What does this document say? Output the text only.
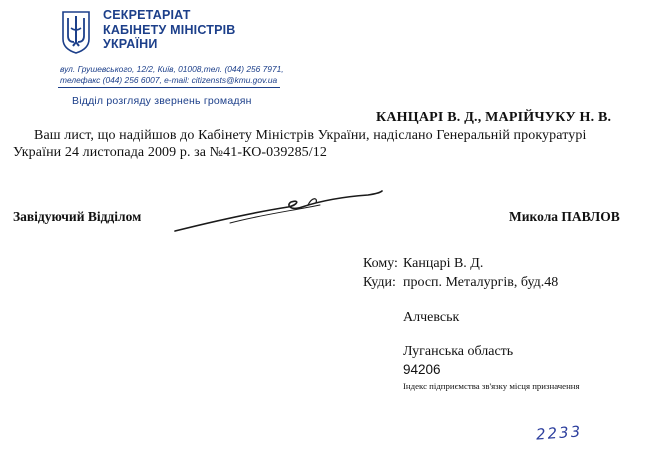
СЕКРЕТАРІАТ
КАБІНЕТУ МІНІСТРІВ
УКРАЇНИ
вул. Грушевського, 12/2, Київ, 01008,тел. (044) 256 7971,
телефакс (044) 256 6007, e-mail: citizensts@kmu.gov.ua
Відділ розгляду звернень громадян
КАНЦАРІ В. Д., МАРІЙЧУКУ Н. В.
Ваш лист, що надійшов до Кабінету Міністрів України, надіслано Генеральній прокуратурі
України 24 листопада 2009 р. за №41-КО-039285/12
Завідуючий Відділом	Микола ПАВЛОВ
Кому: Канцарі В. Д.
Куди: просп. Металургів, буд.48
Алчевськ
Луганська область
94206
Індекс підприємства зв'язку місця призначення
2233
